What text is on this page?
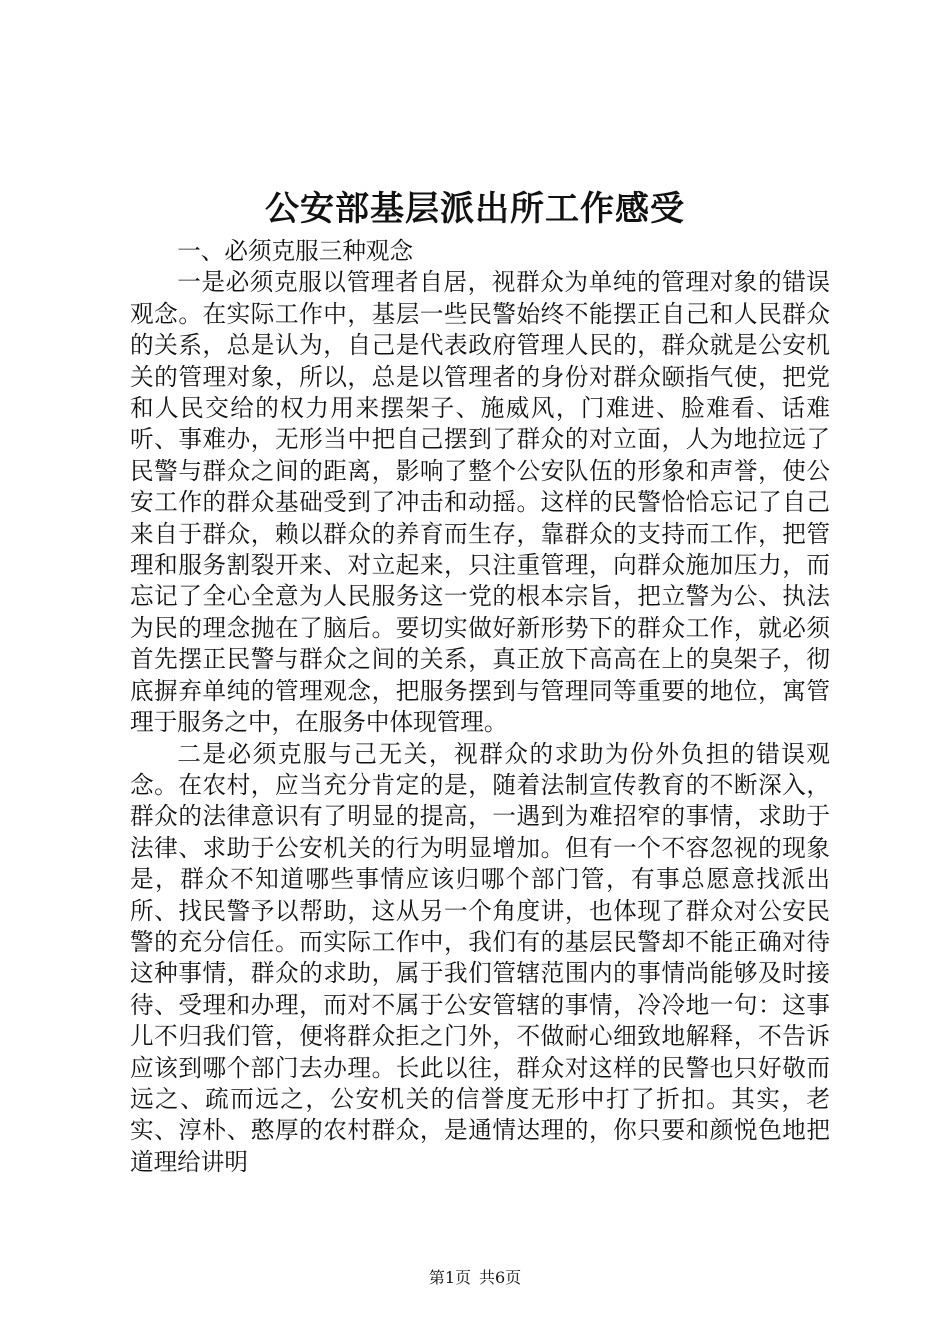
公安部基层派出所工作感受

一、必须克服三种观念

一是必须克服以管理者自居，视群众为单纯的管理对象的错误观念。在实际工作中，基层一些民警始终不能摆正自己和人民群众的关系，总是认为，自己是代表政府管理人民的，群众就是公安机关的管理对象，所以，总是以管理者的身份对群众颐指气使，把党和人民交给的权力用来摆架子、施威风，门难进、脸难看、话难听、事难办，无形当中把自己摆到了群众的对立面，人为地拉远了民警与群众之间的距离，影响了整个公安队伍的形象和声誉，使公安工作的群众基础受到了冲击和动摇。这样的民警恰恰忘记了自己来自于群众，赖以群众的养育而生存，靠群众的支持而工作，把管理和服务割裂开来、对立起来，只注重管理，向群众施加压力，而忘记了全心全意为人民服务这一党的根本宗旨，把立警为公、执法为民的理念抛在了脑后。要切实做好新形势下的群众工作，就必须首先摆正民警与群众之间的关系，真正放下高高在上的臭架子，彻底摒弃单纯的管理观念，把服务摆到与管理同等重要的地位，寓管理于服务之中，在服务中体现管理。

二是必须克服与己无关，视群众的求助为份外负担的错误观念。在农村，应当充分肯定的是，随着法制宣传教育的不断深入，群众的法律意识有了明显的提高，一遇到为难招窄的事情，求助于法律、求助于公安机关的行为明显增加。但有一个不容忽视的现象是，群众不知道哪些事情应该归哪个部门管，有事总愿意找派出所、找民警予以帮助，这从另一个角度讲，也体现了群众对公安民警的充分信任。而实际工作中，我们有的基层民警却不能正确对待这种事情，群众的求助，属于我们管辖范围内的事情尚能够及时接待、受理和办理，而对不属于公安管辖的事情，冷冷地一句：这事儿不归我们管，便将群众拒之门外，不做耐心细致地解释，不告诉应该到哪个部门去办理。长此以往，群众对这样的民警也只好敬而远之、疏而远之，公安机关的信誉度无形中打了折扣。其实，老实、淳朴、憨厚的农村群众，是通情达理的，你只要和颜悦色地把道理给讲明

第1页 共6页
